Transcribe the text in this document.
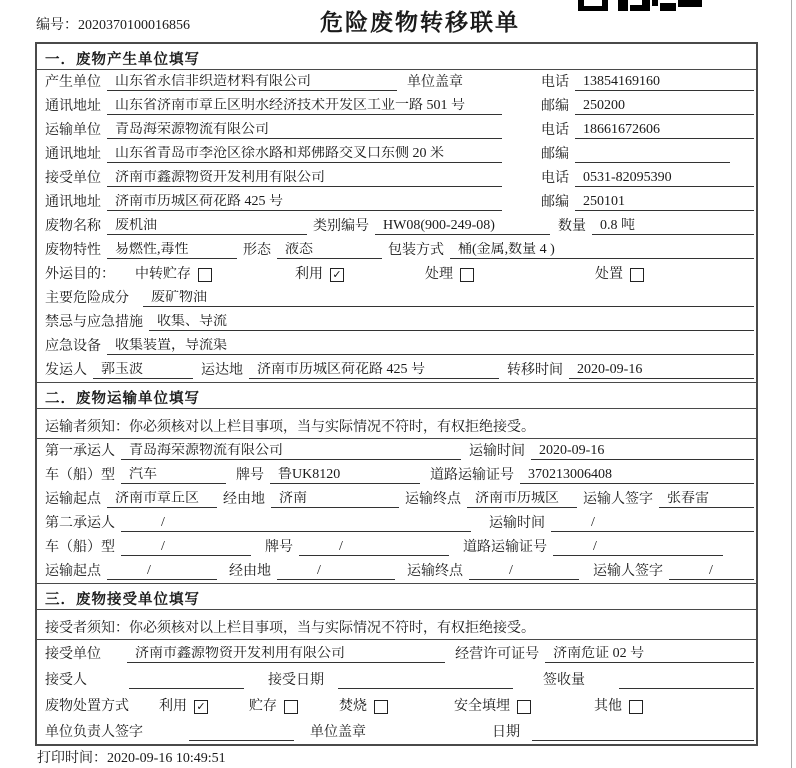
编号：2020370100016856	危险废物转移联单
一．废物产生单位填写
产生单位	山东省永信非织造材料有限公司	单位盖章	电话	13854169160
通讯地址	山东省济南市章丘区明水经济技术开发区工业一路 501 号	邮编	250200
运输单位	青岛海荣源物流有限公司	电话	18661672606
通讯地址	山东省青岛市李沧区徐水路和郑佛路交叉口东侧 20 米	邮编
接受单位	济南市鑫源物资开发利用有限公司	电话	0531-82095390
通讯地址	济南市历城区荷花路 425 号	邮编	250101
废物名称	废机油	类别编号	HW08(900-249-08)	数量	0.8 吨
废物特性	易燃性,毒性	形态	液态	包装方式	桶(金属,数量 4 )
外运目的： 中转贮存	利用 ✓	处理	处置
主要危险成分	废矿物油
禁忌与应急措施	收集、导流
应急设备	收集装置，导流渠
发运人	郭玉波	运达地	济南市历城区荷花路 425 号	转移时间	2020-09-16
二．废物运输单位填写
运输者须知：你必须核对以上栏目事项，当与实际情况不符时，有权拒绝接受。
第一承运人	青岛海荣源物流有限公司	运输时间	2020-09-16
车（船）型	汽车	牌号	鲁UK8120	道路运输证号	370213006408
运输起点	济南市章丘区	经由地	济南	运输终点	济南市历城区	运输人签字	张春雷
第二承运人	/	运输时间	/
车（船）型	/	牌号	/	道路运输证号	/
运输起点	/	经由地	/	运输终点	/	运输人签字	/
三．废物接受单位填写
接受者须知：你必须核对以上栏目事项，当与实际情况不符时，有权拒绝接受。
接受单位	济南市鑫源物资开发利用有限公司	经营许可证号	济南危证 02 号
接受人	接受日期	签收量
废物处置方式 利用 ✓	贮存	焚烧	安全填埋	其他
单位负责人签字	单位盖章	日期
打印时间：2020-09-16 10:49:51
